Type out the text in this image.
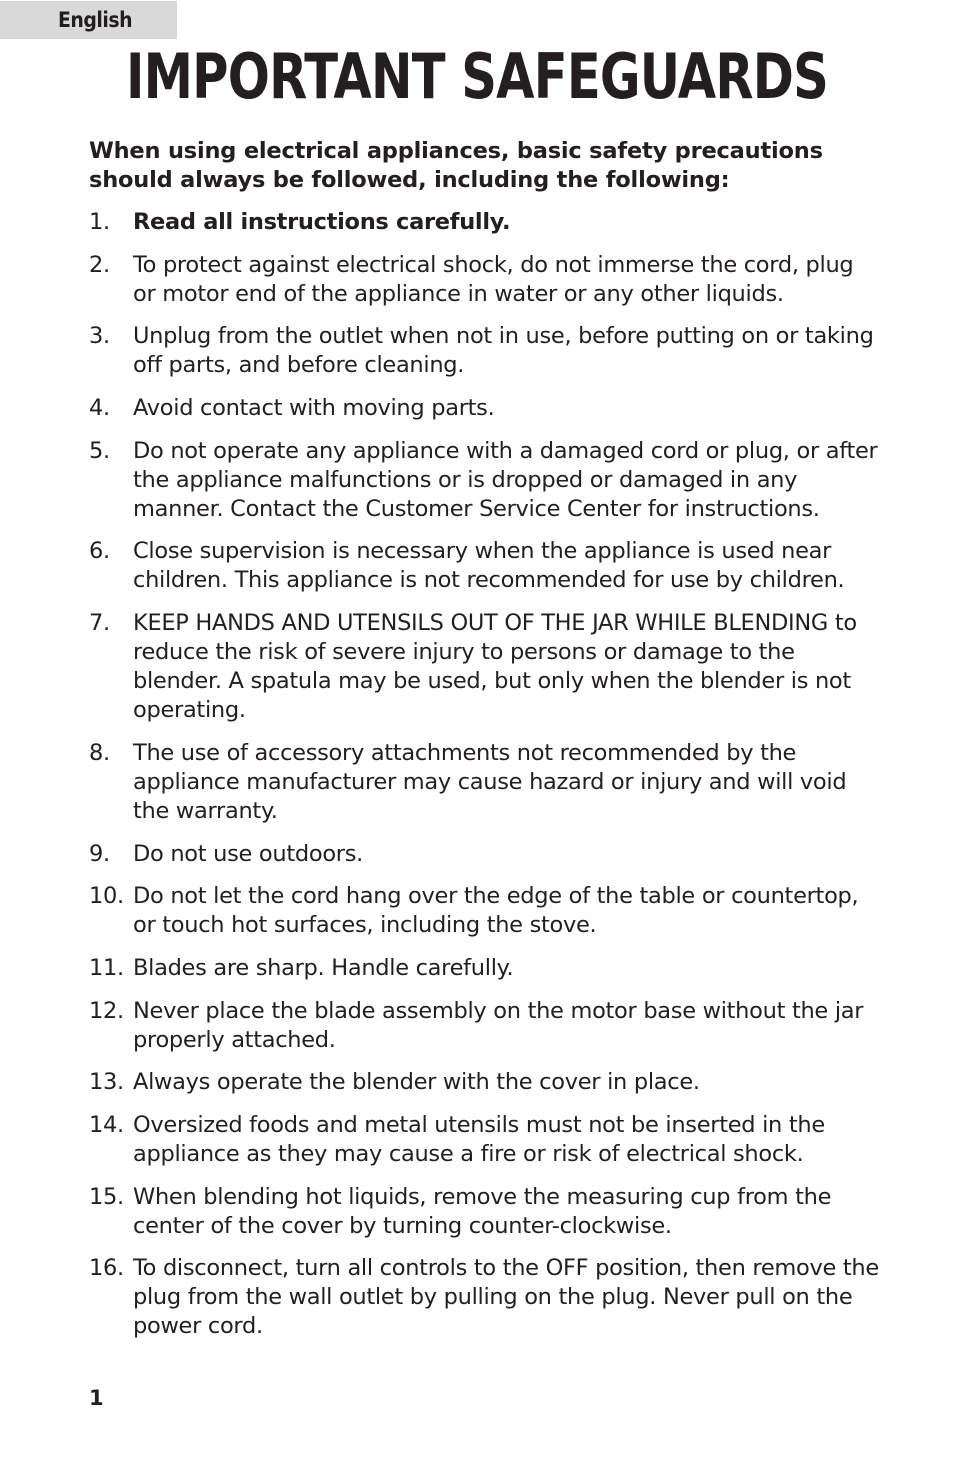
English
IMPORTANT SAFEGUARDS

When using electrical appliances, basic safety precautions should always be followed, including the following:

1.	Read all instructions carefully.
2.	To protect against electrical shock, do not immerse the cord, plug or motor end of the appliance in water or any other liquids.
3.	Unplug from the outlet when not in use, before putting on or taking off parts, and before cleaning.
4.	Avoid contact with moving parts.
5.	Do not operate any appliance with a damaged cord or plug, or after the appliance malfunctions or is dropped or damaged in any manner. Contact the Customer Service Center for instructions.
6.	Close supervision is necessary when the appliance is used near children. This appliance is not recommended for use by children.
7.	KEEP HANDS AND UTENSILS OUT OF THE JAR WHILE BLENDING to reduce the risk of severe injury to persons or damage to the blender. A spatula may be used, but only when the blender is not operating.
8.	The use of accessory attachments not recommended by the appliance manufacturer may cause hazard or injury and will void the warranty.
9.	Do not use outdoors.
10. Do not let the cord hang over the edge of the table or countertop, or touch hot surfaces, including the stove.
11. Blades are sharp. Handle carefully.
12. Never place the blade assembly on the motor base without the jar properly attached.
13. Always operate the blender with the cover in place.
14. Oversized foods and metal utensils must not be inserted in the appliance as they may cause a fire or risk of electrical shock.
15. When blending hot liquids, remove the measuring cup from the center of the cover by turning counter-clockwise.
16. To disconnect, turn all controls to the OFF position, then remove the plug from the wall outlet by pulling on the plug. Never pull on the power cord.
1
